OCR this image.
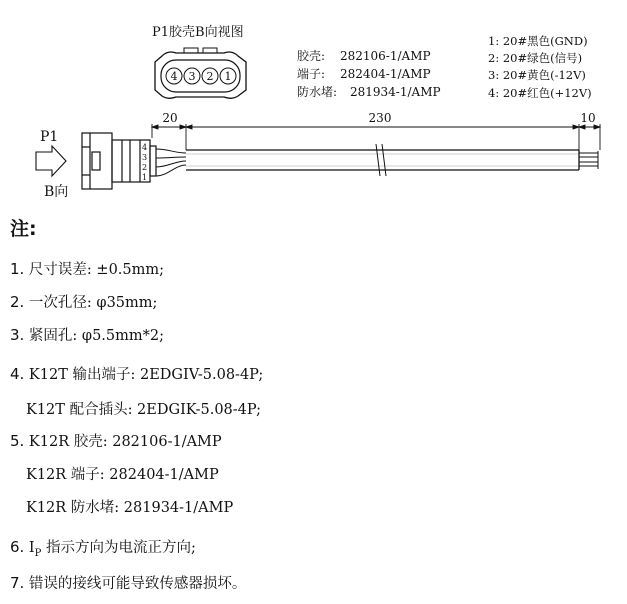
P1胶壳B向视图
4 3 2 1
胶壳: 282106-1/AMP
端子: 282404-1/AMP
防水堵: 281934-1/AMP
1: 20#黑色(GND)
2: 20#绿色(信号)
3: 20#黄色(-12V)
4: 20#红色(+12V)
20	230	10
4
3
2
1
P1
B向
注:
1. 尺寸误差: ±0.5mm;
2. 一次孔径: φ35mm;
3. 紧固孔: φ5.5mm*2;
4. K12T 输出端子: 2EDGIV-5.08-4P;
K12T 配合插头: 2EDGIK-5.08-4P;
5. K12R 胶壳: 282106-1/AMP
K12R 端子: 282404-1/AMP
K12R 防水堵: 281934-1/AMP
6. $I_P$ 指示方向为电流正方向;
7. 错误的接线可能导致传感器损坏。
